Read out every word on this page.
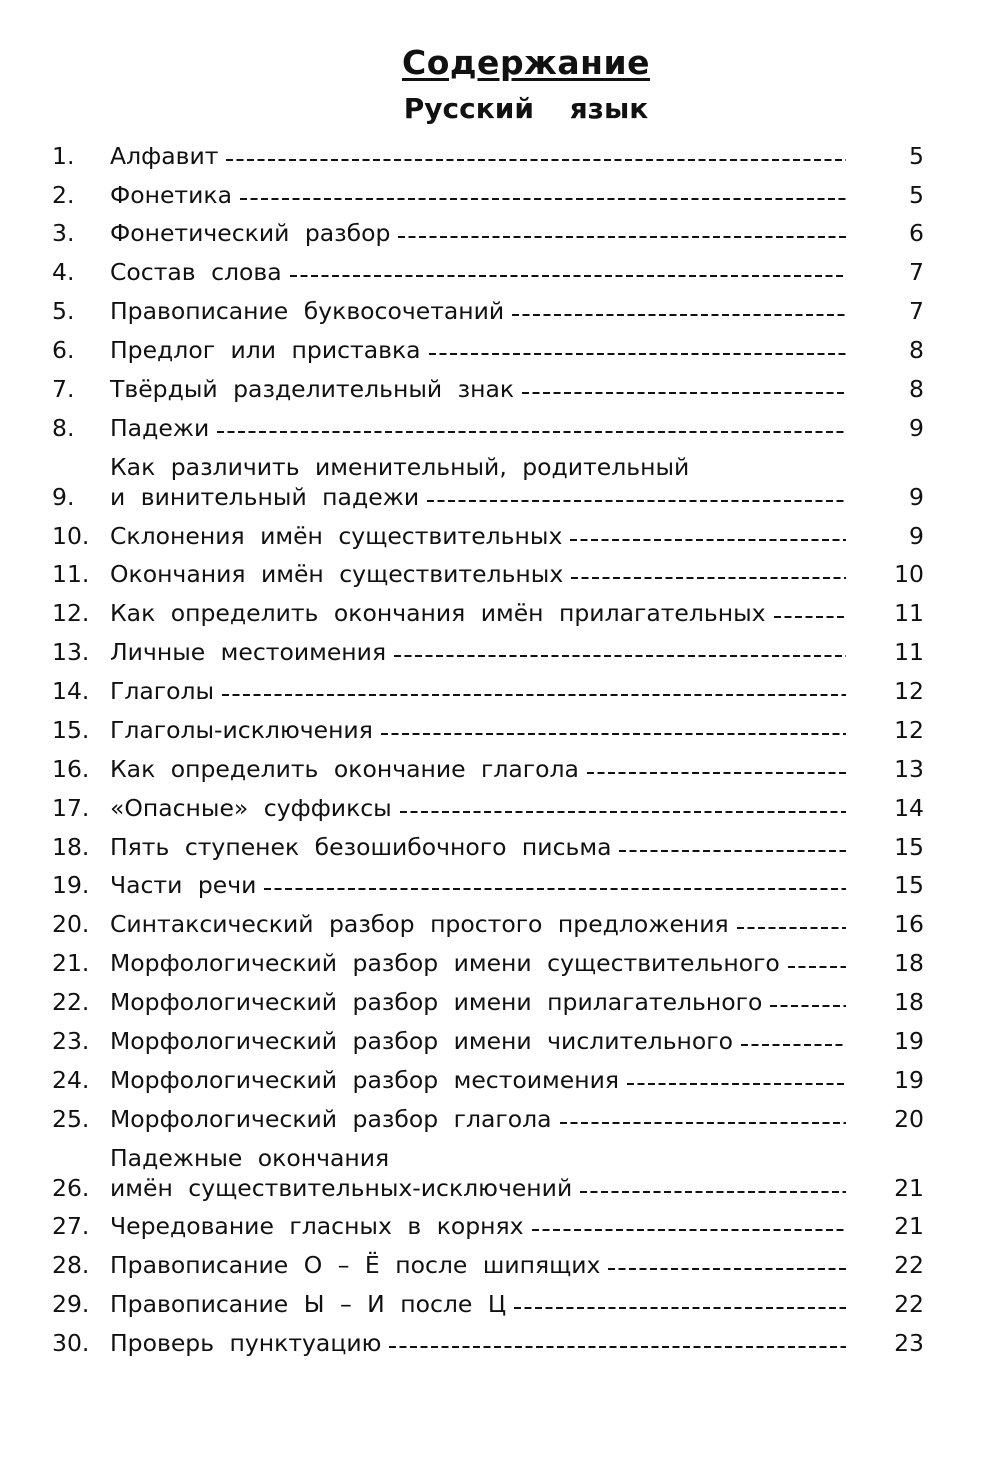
Содержание
Русский язык
1.	Алфавит	5
2.	Фонетика	5
3.	Фонетический разбор	6
4.	Состав слова	7
5.	Правописание буквосочетаний	7
6.	Предлог или приставка	8
7.	Твёрдый разделительный знак	8
8.	Падежи	9
9.
Как различить именительный, родительный
и винительный падежи	9
10. Склонения имён существительных	9
11. Окончания имён существительных	10
12. Как определить окончания имён прилагательных	11
13. Личные местоимения	11
14. Глаголы	12
15. Глаголы-исключения	12
16. Как определить окончание глагола	13
17. «Опасные» суффиксы	14
18. Пять ступенек безошибочного письма	15
19. Части речи	15
20. Синтаксический разбор простого предложения	16
21. Морфологический разбор имени существительного	18
22. Морфологический разбор имени прилагательного	18
23. Морфологический разбор имени числительного	19
24. Морфологический разбор местоимения	19
25. Морфологический разбор глагола	20
26.
Падежные окончания
имён существительных-исключений	21
27. Чередование гласных в корнях	21
28. Правописание О – Ё после шипящих	22
29. Правописание Ы – И после Ц	22
30. Проверь пунктуацию	23
